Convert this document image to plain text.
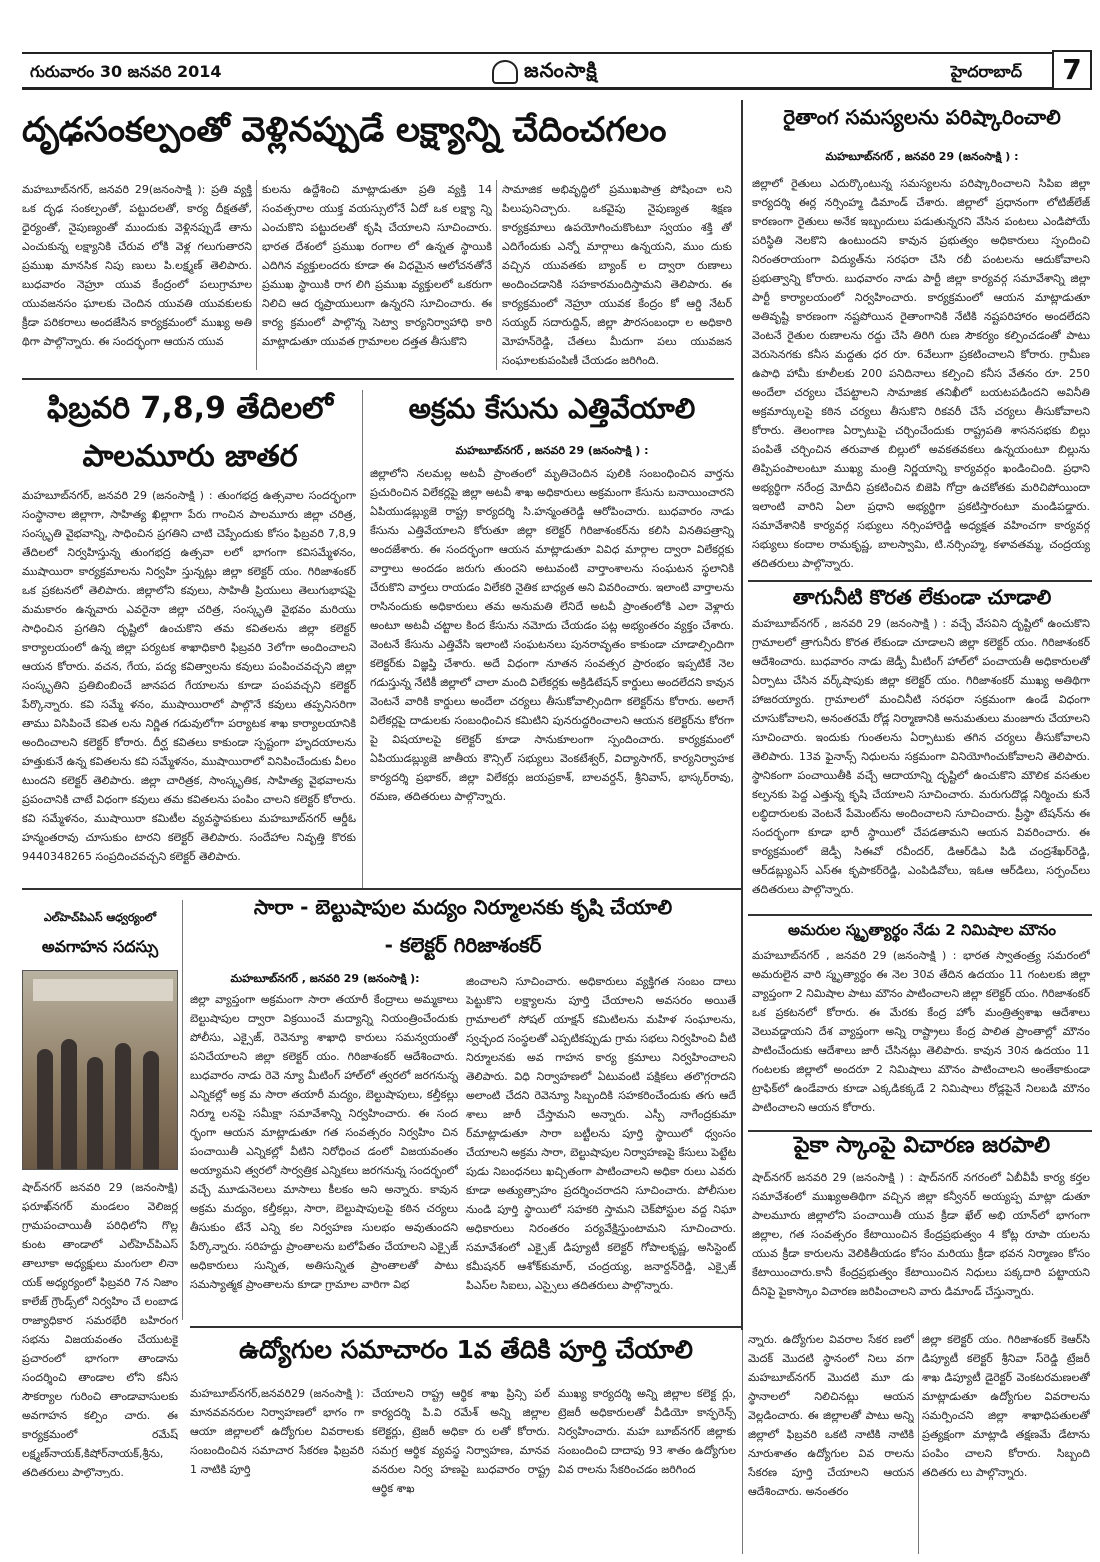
గురువారం 30 జనవరి 2014	జనంసాక్షి	హైదరాబాద్	7
దృఢసంకల్పంతో వెళ్లినప్పుడే లక్ష్యాన్ని చేదించగలం
మహబూబ్‌నగర్, జనవరి 29(జనంసాక్షి ): ప్రతి వ్యక్తి ఒక దృఢ సంకల్పంతో, పట్టుదలతో, కార్య దీక్షతతో, ధైర్యంతో, నైపుణ్యంతో ముందుకు వెళ్లినప్పుడే తాను ఎంచుకున్న లక్ష్యానికి చేరువ లోకి వెళ్ల గలుగుతారని ప్రముఖ మానసిక నిపు ణులు పి.లక్ష్మణ్ తెలిపారు. బుధవారం నెహ్రూ యువ కేంద్రంలో పలుగ్రామాల యువజనసం ఘాలకు చెందిన యువతి యువకులకు క్రీడా పరికరాలు అందజేసిన కార్యక్రమంలో ముఖ్య అతి థిగా పాల్గొన్నారు. ఈ సందర్భంగా ఆయన యువ
కులను ఉద్దేశించి మాట్లాడుతూ ప్రతి వ్యక్తి 14 సంవత్సరాల యుక్త వయస్సులోనే ఏదో ఒక లక్ష్యా న్ని ఎంచుకొని పట్టుదలతో కృషి చేయాలని సూచించారు. భారత దేశంలో ప్రముఖ రంగాల లో ఉన్నత స్థాయికి ఎదిగిన వ్యక్తులందరు కూడా ఈ విధమైన ఆలోచనతోనే ప్రముఖ స్థాయికి రాగ లిగి ప్రముఖ వ్యక్తులలో ఒకరుగా నిలిచి ఆద ర్శప్రాయులుగా ఉన్నరని సూచించారు. ఈ కార్య క్రమంలో పాల్గొన్న సెట్వా కార్యనిర్వాహాధి కారి మాట్లాడుతూ యువత గ్రామాలల దత్తత తీసుకొని
సామాజిక అభివృద్ధిలో ప్రముఖపాత్ర పోషించా లని పిలుపునిచ్చారు. ఒకవైపు నైపుణ్యత శిక్షణ కార్యక్రమాలు ఉపయోగించుకొంటూ స్వయం శక్తి తో ఎదిగేందుకు ఎన్నో మార్గాలు ఉన్నయని, ముం దుకు వచ్చిన యువతకు బ్యాంక్ ల ద్వారా రుణాలు అందించడానికి సహకారమందిస్తామని తెలిపారు. ఈ కార్యక్రమంలో నెహ్రూ యువక కేంద్రం కో ఆర్డి నేటర్ సయ్యద్ సదారుద్దిన్, జిల్లా పౌరసంబంధా ల అధికారి మోహన్‌రెడ్డి, చేతలు మీదుగా పలు యువజన సంఘాలకుపంపిణీ చేయడం జరిగింది.
ఫిబ్రవరి 7,8,9 తేదిలలో
పాలమూరు జాతర
మహబూబ్‌నగర్, జనవరి 29 (జనంసాక్షి ) : తుంగభద్ర ఉత్సవాల సందర్భంగా సంస్థానాల జిల్లాగా, సాహిత్య ఖిల్లాగా పేరు గాంచిన పాలమూరు జిల్లా చరిత్ర, సంస్కృతి వైభవాన్ని, సాధించిన ప్రగతిని చాటి చెప్పేందుకు కోసం ఫిబ్రవరి 7,8,9 తేదిలలో నిర్వహిస్తున్న తుంగభద్ర ఉత్సవా లలో భాగంగా కవిసమ్మేళనం, ముషాయిరా కార్యక్రమాలను నిర్వహి స్తున్నట్లు జిల్లా కలెక్టర్ యం. గిరిజాశంకర్ ఒక ప్రకటనలో తెలిపారు. జిల్లాలోని కవులు, సాహితీ ప్రియులు తెలుగుభాషపై మమకారం ఉన్నవారు ఎవరైనా జిల్లా చరిత్ర, సంస్కృతి వైభవం మరియు సాధించిన ప్రగతిని దృష్టిలో ఉంచుకొని తమ కవితలను జిల్లా కలెక్టర్ కార్యాలయంలో ఉన్న జిల్లా పర్యటక శాఖాధికారి ఫిబ్రవరి 3లోగా అందించాలని ఆయన కోరారు. వచన, గేయ, పద్య కవిత్వాలను కవులు పంపించవచ్చని జిల్లా సంస్కృతిని ప్రతిబింబించే జానపద గేయాలను కూడా పంపవచ్చని కలెక్టర్ పేర్కొన్నారు. కవి సమ్మే ళనం, ముషాయిరాలో పాల్గొనే కవులు తప్పనిసరిగా తాము విసిపించే కవిత లను నిర్ణిత గడువులోగా పర్యాటక శాఖ కార్యాలయానికి అందించాలని కలెక్టర్ కోరారు. దీర్ఘ కవితలు కాకుండా స్పష్టంగా హృదయాలను హత్తుకునే ఉన్న కవితలను కవి సమ్మేళనం, ముషాయిరాలో వినిపించేందుకు వీలం టుందని కలెక్టర్ తెలిపారు. జిల్లా చారిత్రక, సాంస్కృతిక, సాహిత్య వైభవాలను ప్రపంచానికి చాటే విధంగా కవులు తమ కవితలను పంపిం చాలని కలెక్టర్ కోరారు. కవి సమ్మేళనం, ముషాయిరా కమిటీల వ్యవస్థాపకులు మహబూబ్‌నగర్ ఆర్డీఓ హన్మంతరావు చూసుకుం టారని కలెక్టర్ తెలిపారు. సందేహాల నివృత్తి కొరకు 9440348265 సంప్రదించవచ్చని కలెక్టర్ తెలిపారు.
అక్రమ కేసును ఎత్తివేయాలి
మహబూబ్‌నగర్ , జనవరి 29 (జనంసాక్షి ) :
జిల్లాలోని నలమల్ల అటవీ ప్రాంతంలో మృతిచెందిన పులికి సంబంధించిన వార్తను ప్రచురించిన విలేకర్లపై జిల్లా అటవీ శాఖ అధికారులు అక్రమంగా కేసును బనాయించారని ఏపియుడబ్ల్యుజె రాష్ట్ర కార్యదర్శి సి.హన్మంతరెడ్డి ఆరోపించారు. బుధవారం నాడు కేసును ఎత్తివేయాలని కోరుతూ జిల్లా కలెక్టర్ గిరిజాశంకర్‌ను కలిసి వినతిపత్రాన్ని అందజేశారు. ఈ సందర్భంగా ఆయన మాట్లాడుతూ వివిధ మార్గాల ద్వారా విలేకర్లకు వార్తాలు అందడం జరుగు తుందని అటువంటి వార్తాంశాలను సంఘటన స్థలానికి చేరుకొని వార్తలు రాయడం విలేకరి నైతిక బాధ్యత అని వివరించారు. ఇలాంటి వార్తాలను రాసినందుకు అధికారులు తమ అనుమతి లేనిదే అటవీ ప్రాంతంలోకి ఎలా వెళ్లారు అంటూ అటవీ చట్టాల కింద కేసును నమోదు చేయడం పట్ల అభ్యంతరం వ్యక్తం చేశారు. వెంటనే కేసును ఎత్తివేసి ఇలాంటి సంఘటనలు పునరావృతం కాకుండా చూడాల్సిందిగా కలెక్టర్‌కు విజ్ఞప్తి చేశారు. అదే విధంగా నూతన సంవత్సర ప్రారంభం ఇప్పటికే నెల గడుస్తున్న నేటికీ జిల్లాలో చాలా మంది విలేకర్లకు అక్రిడిటేషన్ కార్డులు అందలేదని కావున వెంటనే వారికి కార్డులు అందేలా చర్యలు తీసుకోవాల్సిందిగా కలెక్టర్‌ను కోరారు. అలాగే విలేకర్లపై దాడులకు సంబంధించిన కమిటిని పునరుద్దరించాలని ఆయన కలెక్టర్‌ను కోరగా పై విషయాలపై కలెక్టర్ కూడా సానుకూలంగా స్పందించారు. కార్యక్రమంలో ఏపియుడబ్ల్యుజె జాతీయ కౌన్సిల్ సభ్యులు వెంకటేశ్వర్, విద్యాసాగర్, కార్యనిర్వాహక కార్యదర్శి ప్రభాకర్, జిల్లా విలేకర్లు జయప్రకాశ్, బాలవర్దన్, శ్రీనివాస్, భాస్కర్‌రావు, రమణ, తదితరులు పాల్గొన్నారు.
రైతాంగ సమస్యలను పరిష్కారించాలి
మహబూబ్‌నగర్ , జనవరి 29 (జనంసాక్షి ) :
జిల్లాలో రైతులు ఎదుర్కొంటున్న సమస్యలను పరిష్కారించాలని సిపిఐ జిల్లా కార్యదర్శి ఈర్ల నర్సింహ్మ డిమాండ్ చేశారు. జిల్లాలో ప్రధానంగా లోటిజ్‌లేజ్ కారణంగా రైతులు అనేక ఇబ్బందులు పడుతున్నరని వేసిన పంటలు ఎండిపోయే పరిస్థితి నెలకొని ఉంటుందని కావున ప్రభుత్వం అధికారులు స్పందించి నిరంతరాయంగా విద్యుత్‌ను సరఫరా చేసి రబీ పంటలను ఆదుకోవాలని ప్రభుత్వాన్ని కోరారు. బుధవారం నాడు పార్టీ జిల్లా కార్యవర్గ సమావేశాన్ని జిల్లా పార్టీ కార్యాలయంలో నిర్వహించారు. కార్యక్రమంలో ఆయన మాట్లాడుతూ అతివృష్టి కారణంగా నష్టపోయిన రైతాంగానికి నేటికి నష్టపరిహారం అందలేదని వెంటనే రైతుల రుణాలను రద్దు చేసి తిరిగి రుణ సౌకర్యం కల్పించడంతో పాటు వెరుసెనగకు కనీస మద్దతు ధర రూ. 6వేలుగా ప్రకటించాలని కోరారు. గ్రామీణ ఉపాధి హామీ కూలీలకు 200 పనిదినాలు కల్పించి కనీస వేతనం రూ. 250 అందేలా చర్యలు చేపట్టాలని సామాజిక తనిఖీలో బయటపడిందని అవినీతి అక్రమార్కులపై కఠిన చర్యలు తీసుకొని రికవరీ చేసే చర్యలు తీసుకోవాలని కోరారు. తెలంగాణ ఏర్పాటుపై చర్చించేందుకు రాష్ట్రపతి శాసనసభకు బిల్లు పంపితే చర్చించిన తరువాత బిల్లులో అవకతవకలు ఉన్నయంటూ బిల్లును తిప్పిపంపాలంటూ ముఖ్య మంత్రి నిర్ణయాన్ని కార్యవర్గం ఖండించింది. ప్రధాని అభ్యర్థిగా నరేంద్ర మోదీని ప్రకటించిన బిజెపి గోద్రా ఉచకోతకు మరిచిపోయిందా ఇలాంటి వారిని ఏలా ప్రధాని అభ్యర్థిగా ప్రకటిస్తారంటూ మండిపడ్డారు. సమావేశానికి కార్యవర్గ సభ్యులు నర్సింహారెడ్డి అధ్యక్షత వహించగా కార్యవర్గ సభ్యులు కందాల రామకృష్ణ, బాలస్వామి, టి.నర్సింహ్మ, కళావతమ్మ, చంద్రయ్య తదితరులు పాల్గొన్నారు.
తాగునీటి కొరత లేకుండా చూడాలి
మహబూబ్‌నగర్ , జనవరి 29 (జనంసాక్షి ) : వచ్చే వేసవిని దృష్టిలో ఉంచుకొని గ్రామాలలో త్రాగునీరు కొరత లేకుండా చూడాలని జిల్లా కలెక్టర్ యం. గిరిజాశంకర్ ఆదేశించారు. బుధవారం నాడు జెడ్పీ మీటింగ్ హాల్‌లో పంచాయతీ అధికారులతో ఏర్పాటు చేసిన వర్క్‌షాపుకు జిల్లా కలెక్టర్ యం. గిరిజాశంకర్ ముఖ్య అతిథిగా హాజరయ్యారు. గ్రామాలలో మంచినీటి సరఫరా సక్రమంగా ఉండే విధంగా చూసుకోవాలని, అనంతరమే రోడ్ల నిర్మాణానికి అనుమతులు మంజూరు చేయాలని సూచించారు. ఇందుకు గుంతలను ఏర్పాటుకు తగిన చర్యలు తీసుకోవాలని తెలిపారు. 13వ ఫైనాన్స్ నిధులను సక్రమంగా వినియోగించుకోవాలని తెలిపారు. స్థానికంగా పంచాయితీకి వచ్చే ఆదాయాన్ని దృష్టిలో ఉంచుకొని మౌలిక వసతుల కల్పనకు పెద్ద ఎత్తున్న కృషి చేయాలని సూచించారు. మరుగుదొడ్ల నిర్మించు కునే లబ్ధిదారులకు వెంటనే పేమెంట్‌ను అందించాలని సూచించారు. ప్రీస్థా టేషన్‌ను ఈ సందర్భంగా కూడా భారీ స్థాయిలో చేపడతామని ఆయన వివరించారు. ఈ కార్యక్రమంలో జెడ్పీ సిఈవో రవీందర్, డిఆర్‌డిఎ పిడి చంద్రశేఖర్‌రెడ్డి, ఆర్‌డబ్ల్యుఎస్ ఎస్‌ఈ కృపాకర్‌రెడ్డి, ఎంపిడివోలు, ఇఓఆ ఆర్‌డిలు, సర్పంచ్‌లు తదితరులు పాల్గొన్నారు.
అమరుల స్మృత్యార్థం నేడు 2 నిమిషాల మౌనం
మహబూబ్‌నగర్ , జనవరి 29 (జనంసాక్షి ) : భారత స్వాతంత్ర్య సమరంలో అమరులైన వారి స్మృత్యార్థం ఈ నెల 30వ తేదిన ఉదయం 11 గంటలకు జిల్లా వ్యాప్తంగా 2 నిమిషాల పాటు మౌనం పాటించాలని జిల్లా కలెక్టర్ యం. గిరిజాశంకర్ ఒక ప్రకటనలో కోరారు. ఈ మేరకు కేంద్ర హోం మంత్రిత్వశాఖ ఆదేశాలు వెలువడ్డాయని దేశ వ్యాప్తంగా అన్ని రాష్ట్రాలు కేంద్ర పాలిత ప్రాంతాల్లో మౌనం పాటించేందుకు ఆదేశాలు జారీ చేసినట్లు తెలిపారు. కావున 30న ఉదయం 11 గంటలకు జిల్లాలో అందరూ 2 నిమిషాలు మౌనం పాటించాలని అంతేకాకుండా ట్రాఫిక్‌లో ఉండేవారు కూడా ఎక్కడికక్కడే 2 నిమిషాలు రోడ్లపైనే నిలబడి మౌనం పాటించాలని ఆయన కోరారు.
పైకా స్కాంపై విచారణ జరపాలి
షాద్‌నగర్ జనవరి 29 (జనంసాక్షి ) : షాద్‌నగర్ నగరంలో ఏబీవీపీ కార్య కర్తల సమావేశంలో ముఖ్యఅతిథిగా వచ్చిన జిల్లా కన్వీనర్ అయ్యప్ప మాట్లా డుతూ పాలమూరు జిల్లాలోని పంచాయితీ యువ క్రీడా ఖేల్ అభి యాన్‌లో భాగంగా జిల్లాల, గత సంవత్సరం కేటాయించిన కేంద్రప్రభుత్వం 4 కోట్ల రూపా యలను యువ క్రీడా కారులను వెలికితీయడం కోసం మరియు క్రీడా భవన నిర్మాణం కోసం కేటాయించారు.కానీ కేంద్రప్రభుత్వం కేటాయించిన నిధులు పక్కదారి పట్టాయని దీనిపై పైకాస్కాం విచారణ జరిపించాలని వారు డిమాండ్ చేస్తున్నారు.
ఎల్‌హెచ్‌పిఎస్ ఆధ్వర్యంలో
అవగాహన సదస్సు
షాద్‌నగర్ జనవరి 29 (జనంసాక్షి) ఫరూఖ్‌నగర్ మండలం వెలిజర్ల గ్రామపంచాయితీ పరిధిలోని గొల్ల కుంట తాండాలో ఎల్‌హెచ్‌పిఎస్ తాలూకా అధ్యక్షులు మంగులా లినా యక్ అధ్యర్యంలో ఫిబ్రవరి 7న నిజాం కాలేజ్ గ్రౌండ్స్‌లో నిర్వహిం చే లంబాడ రాజ్యాధికార సమరభేరి బహిరంగ సభను విజయవంతం చేయుటకై ప్రచారంలో భాగంగా తాండాను సందర్శించి తాండాల లోని కనీస సౌకర్యాల గురించి తాండావాసులకు అవగాహన కల్పిం చారు. ఈ కార్యక్రమంలో రమేష్ లక్ష్మణ్‌నాయక్,కిషోర్‌నాయక్,శ్రీను, తదితరులు పాల్గొన్నారు.
సారా - బెల్టుషాపుల మద్యం నిర్మూలనకు కృషి చేయాలి
- కలెక్టర్ గిరిజాశంకర్
మహబూబ్‌నగర్ , జనవరి 29 (జనంసాక్షి ):
జిల్లా వ్యాప్తంగా అక్రమంగా సారా తయారీ కేంద్రాలు అమ్మకాలు బెల్టుషాపుల ద్వారా విక్రయించే మద్యాన్ని నియంత్రించేందుకు పోలీసు, ఎక్సైజ్, రెవెన్యూ శాఖాధి కారులు సమన్వయంతో పనిచేయాలని జిల్లా కలెక్టర్ యం. గిరిజాశంకర్ ఆదేశించారు. బుధవారం నాడు రెవె న్యూ మీటింగ్ హాల్‌లో త్వరలో జరగనున్న ఎన్నికల్లో అక్ర మ సారా తయారీ మద్యం, బెల్టుషాపులు, కల్తీకల్లు నిర్మూ లనపై సమీక్షా సమావేశాన్ని నిర్వహించారు. ఈ సంద ర్భంగా ఆయన మాట్లాడుతూ గత సంవత్సరం నిర్వహిం చిన పంచాయితీ ఎన్నికల్లో వీటిని నిరోధించ డంలో విజయవంతం అయ్యామని త్వరలో సార్వత్రిక ఎన్నికలు జరగనున్న సందర్భంలో వచ్చే మూడునెలలు మాసాలు కీలకం అని అన్నారు. కావున అక్రమ మద్యం, కల్తీకల్లు, సారా, బెల్టుషాపులపై కఠిన చర్యలు తీసుకుం టేనే ఎన్ని కల నిర్వహణ సులభం అవుతుందని పేర్కొన్నారు. సరిహద్దు ప్రాంతాలను బలోపేతం చేయాలని ఎక్సైజ్ అధికారులు సున్నిత, అతిసున్నిత ప్రాంతాలతో పాటు సమస్యాత్మక ప్రాంతాలను కూడా గ్రామాల వారిగా విభ
జించాలని సూచించారు. అధికారులు వ్యక్తిగత సంబం దాలు పెట్టుకొని లక్ష్యాలను పూర్తి చేయాలని అవసరం అయితే గ్రామాలలో సోషల్ యాక్షన్ కమిటిలను మహిళ సంఘాలను, స్వచ్ఛంద సంస్థలతో ఎప్పటికప్పుడు గ్రామ సభలు నిర్వహించి వీటి నిర్మూలనకు అవ గాహన కార్య క్రమాలు నిర్వహించాలని తెలిపారు. విధి నిర్వాహణలో ఏటువంటి పక్షికలు తలొగ్గరాదని అలాంటి చేదని రెవెన్యూ సిబ్బందికి సహకరించేందుకు తగు ఆదే శాలు జారీ చేస్తామని అన్నారు. ఎస్పీ నాగేంద్రకుమా ర్‌మాట్లాడుతూ సారా బట్టీలను పూర్తి స్థాయిలో ధ్వంసం చేయాలని అక్రమ సారా, బెల్టుషాపుల నిర్వాహణపై కేసులు పెట్టేట పుడు నిబంధనలు ఖచ్చితంగా పాటించాలని అధికా రులు ఎవరు కూడా అత్యుత్సాహం ప్రదర్శించరాదని సూచించారు. పోలీసుల నుండి పూర్తి స్థాయిలో సహకరి స్తామని చెక్‌పోస్టుల వద్ద నిఘా అధికారులు నిరంతరం పర్యవేక్షిస్తుంటామని సూచించారు. సమావేశంలో ఎక్సైజ్ డిప్యూటీ కలెక్టర్ గోపాలకృష్ణ, అసిస్టెంట్ కమీషనర్ ఆశోక్‌కుమార్, చంద్రయ్య, జనార్దన్‌రెడ్డి, ఎక్సైజ్ పిఎస్‌ల సిఐలు, ఎస్సైలు తదితరులు పాల్గొన్నారు.
ఉద్యోగుల సమాచారం 1వ తేదికి పూర్తి చేయాలి
మహబూబ్‌నగర్,జనవరి29 (జనంసాక్షి ): మానవవనరుల నిర్వాహణలో భాగం గా ఆయా జిల్లాలలో ఉద్యోగుల వివరాలకు సంబందించిన సమాచార సేకరణ ఫిబ్రవరి 1 నాటికి పూర్తి
చేయాలని రాష్ట్ర ఆర్థిక శాఖ ప్రిన్సి పల్ కార్యదర్శి పి.వి రమేశ్ అన్ని జిల్లాల కలెక్టర్లు, ట్రెజరీ అధికా రు లతో కోరారు. సమగ్ర ఆర్థిక వ్యవస్థ నిర్వాహణ, మానవ వనరుల నిర్వ హణపై బుధవారం రాష్ట్ర ఆర్థిక శాఖ
ముఖ్య కార్యదర్శి అన్ని జిల్లాల కలెక్ట ర్లు, ట్రెజరీ అధికారులతో వీడియో కాన్ఫరెన్స్ నిర్వహించారు. మహ బూబ్‌నగర్ జిల్లాకు సంబందించి దాదాపు 93 శాతం ఉద్యోగుల వివ రాలను సేకరించడం జరిగింద
న్నారు. ఉద్యోగుల వివరాల సేకర ణలో మెదక్ మొదటి స్థానంలో నిలు వగా మహబూబ్‌నగర్ మొదటి మూ డు స్థానాలలో నిలిచినట్లు ఆయన వెల్లడించారు. ఈ జిల్లాలతో పాటు అన్ని జిల్లాలో ఫిబ్రవరి ఒకటి నాటికి నాటికి నూరుశాతం ఉద్యోగుల వివ రాలను సేకరణ పూర్తి చేయాలని ఆయన ఆదేశించారు. అనంతరం
జిల్లా కలెక్టర్ యం. గిరిజాశంకర్ కెఆర్‌సి డిప్యూటీ కలెక్టర్ శ్రీనివా స్‌రెడ్డి ట్రేజరీ శాఖ డిప్యూటీ డైరెక్టర్ వెంకటరమణలతో మాట్లాడుతూ ఉద్యోగుల వివరాలను సమర్పించని జిల్లా శాఖాధిపతులతో ప్రత్యక్షంగా మాట్లాడి తక్షణమే డేటాను పంపిం చాలని కోరారు. సిబ్బంది తదితరు లు పాల్గొన్నారు.
